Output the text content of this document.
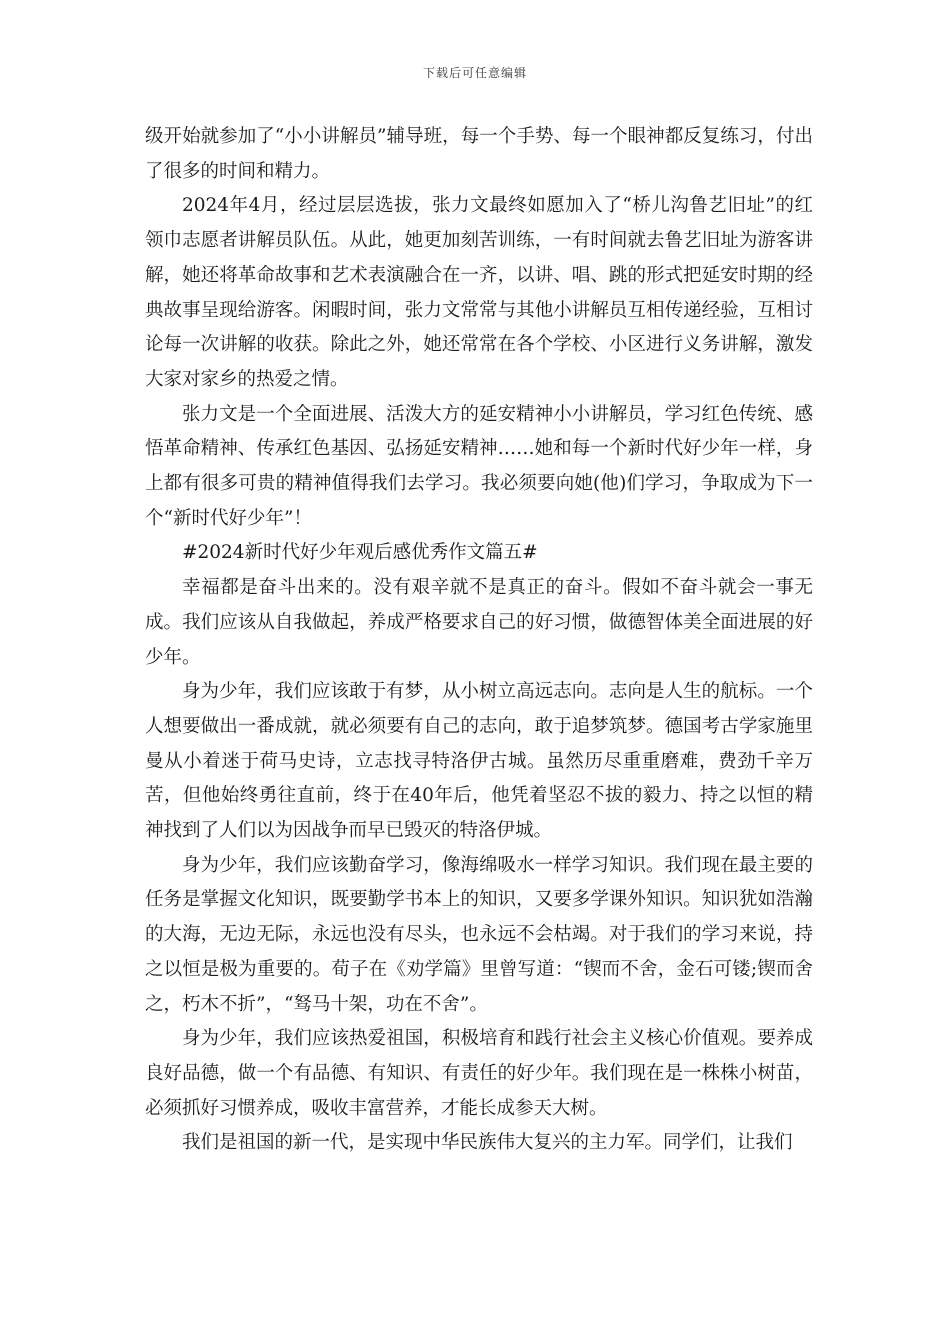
下载后可任意编辑

级开始就参加了“小小讲解员”辅导班，每一个手势、每一个眼神都反复练习，付出了很多的时间和精力。

2024年4月，经过层层选拔，张力文最终如愿加入了“桥儿沟鲁艺旧址”的红领巾志愿者讲解员队伍。从此，她更加刻苦训练，一有时间就去鲁艺旧址为游客讲解，她还将革命故事和艺术表演融合在一齐，以讲、唱、跳的形式把延安时期的经典故事呈现给游客。闲暇时间，张力文常常与其他小讲解员互相传递经验，互相讨论每一次讲解的收获。除此之外，她还常常在各个学校、小区进行义务讲解，激发大家对家乡的热爱之情。

张力文是一个全面进展、活泼大方的延安精神小小讲解员，学习红色传统、感悟革命精神、传承红色基因、弘扬延安精神……她和每一个新时代好少年一样，身上都有很多可贵的精神值得我们去学习。我必须要向她(他)们学习，争取成为下一个“新时代好少年”！

#2024新时代好少年观后感优秀作文篇五#

幸福都是奋斗出来的。没有艰辛就不是真正的奋斗。假如不奋斗就会一事无成。我们应该从自我做起，养成严格要求自己的好习惯，做德智体美全面进展的好少年。

身为少年，我们应该敢于有梦，从小树立高远志向。志向是人生的航标。一个人想要做出一番成就，就必须要有自己的志向，敢于追梦筑梦。德国考古学家施里曼从小着迷于荷马史诗，立志找寻特洛伊古城。虽然历尽重重磨难，费劲千辛万苦，但他始终勇往直前，终于在40年后，他凭着坚忍不拔的毅力、持之以恒的精神找到了人们以为因战争而早已毁灭的特洛伊城。

身为少年，我们应该勤奋学习，像海绵吸水一样学习知识。我们现在最主要的任务是掌握文化知识，既要勤学书本上的知识，又要多学课外知识。知识犹如浩瀚的大海，无边无际，永远也没有尽头，也永远不会枯竭。对于我们的学习来说，持之以恒是极为重要的。荀子在《劝学篇》里曾写道：“锲而不舍，金石可镂;锲而舍之，朽木不折”，“驽马十架，功在不舍”。

身为少年，我们应该热爱祖国，积极培育和践行社会主义核心价值观。要养成良好品德，做一个有品德、有知识、有责任的好少年。我们现在是一株株小树苗，必须抓好习惯养成，吸收丰富营养，才能长成参天大树。

我们是祖国的新一代，是实现中华民族伟大复兴的主力军。同学们，让我们
